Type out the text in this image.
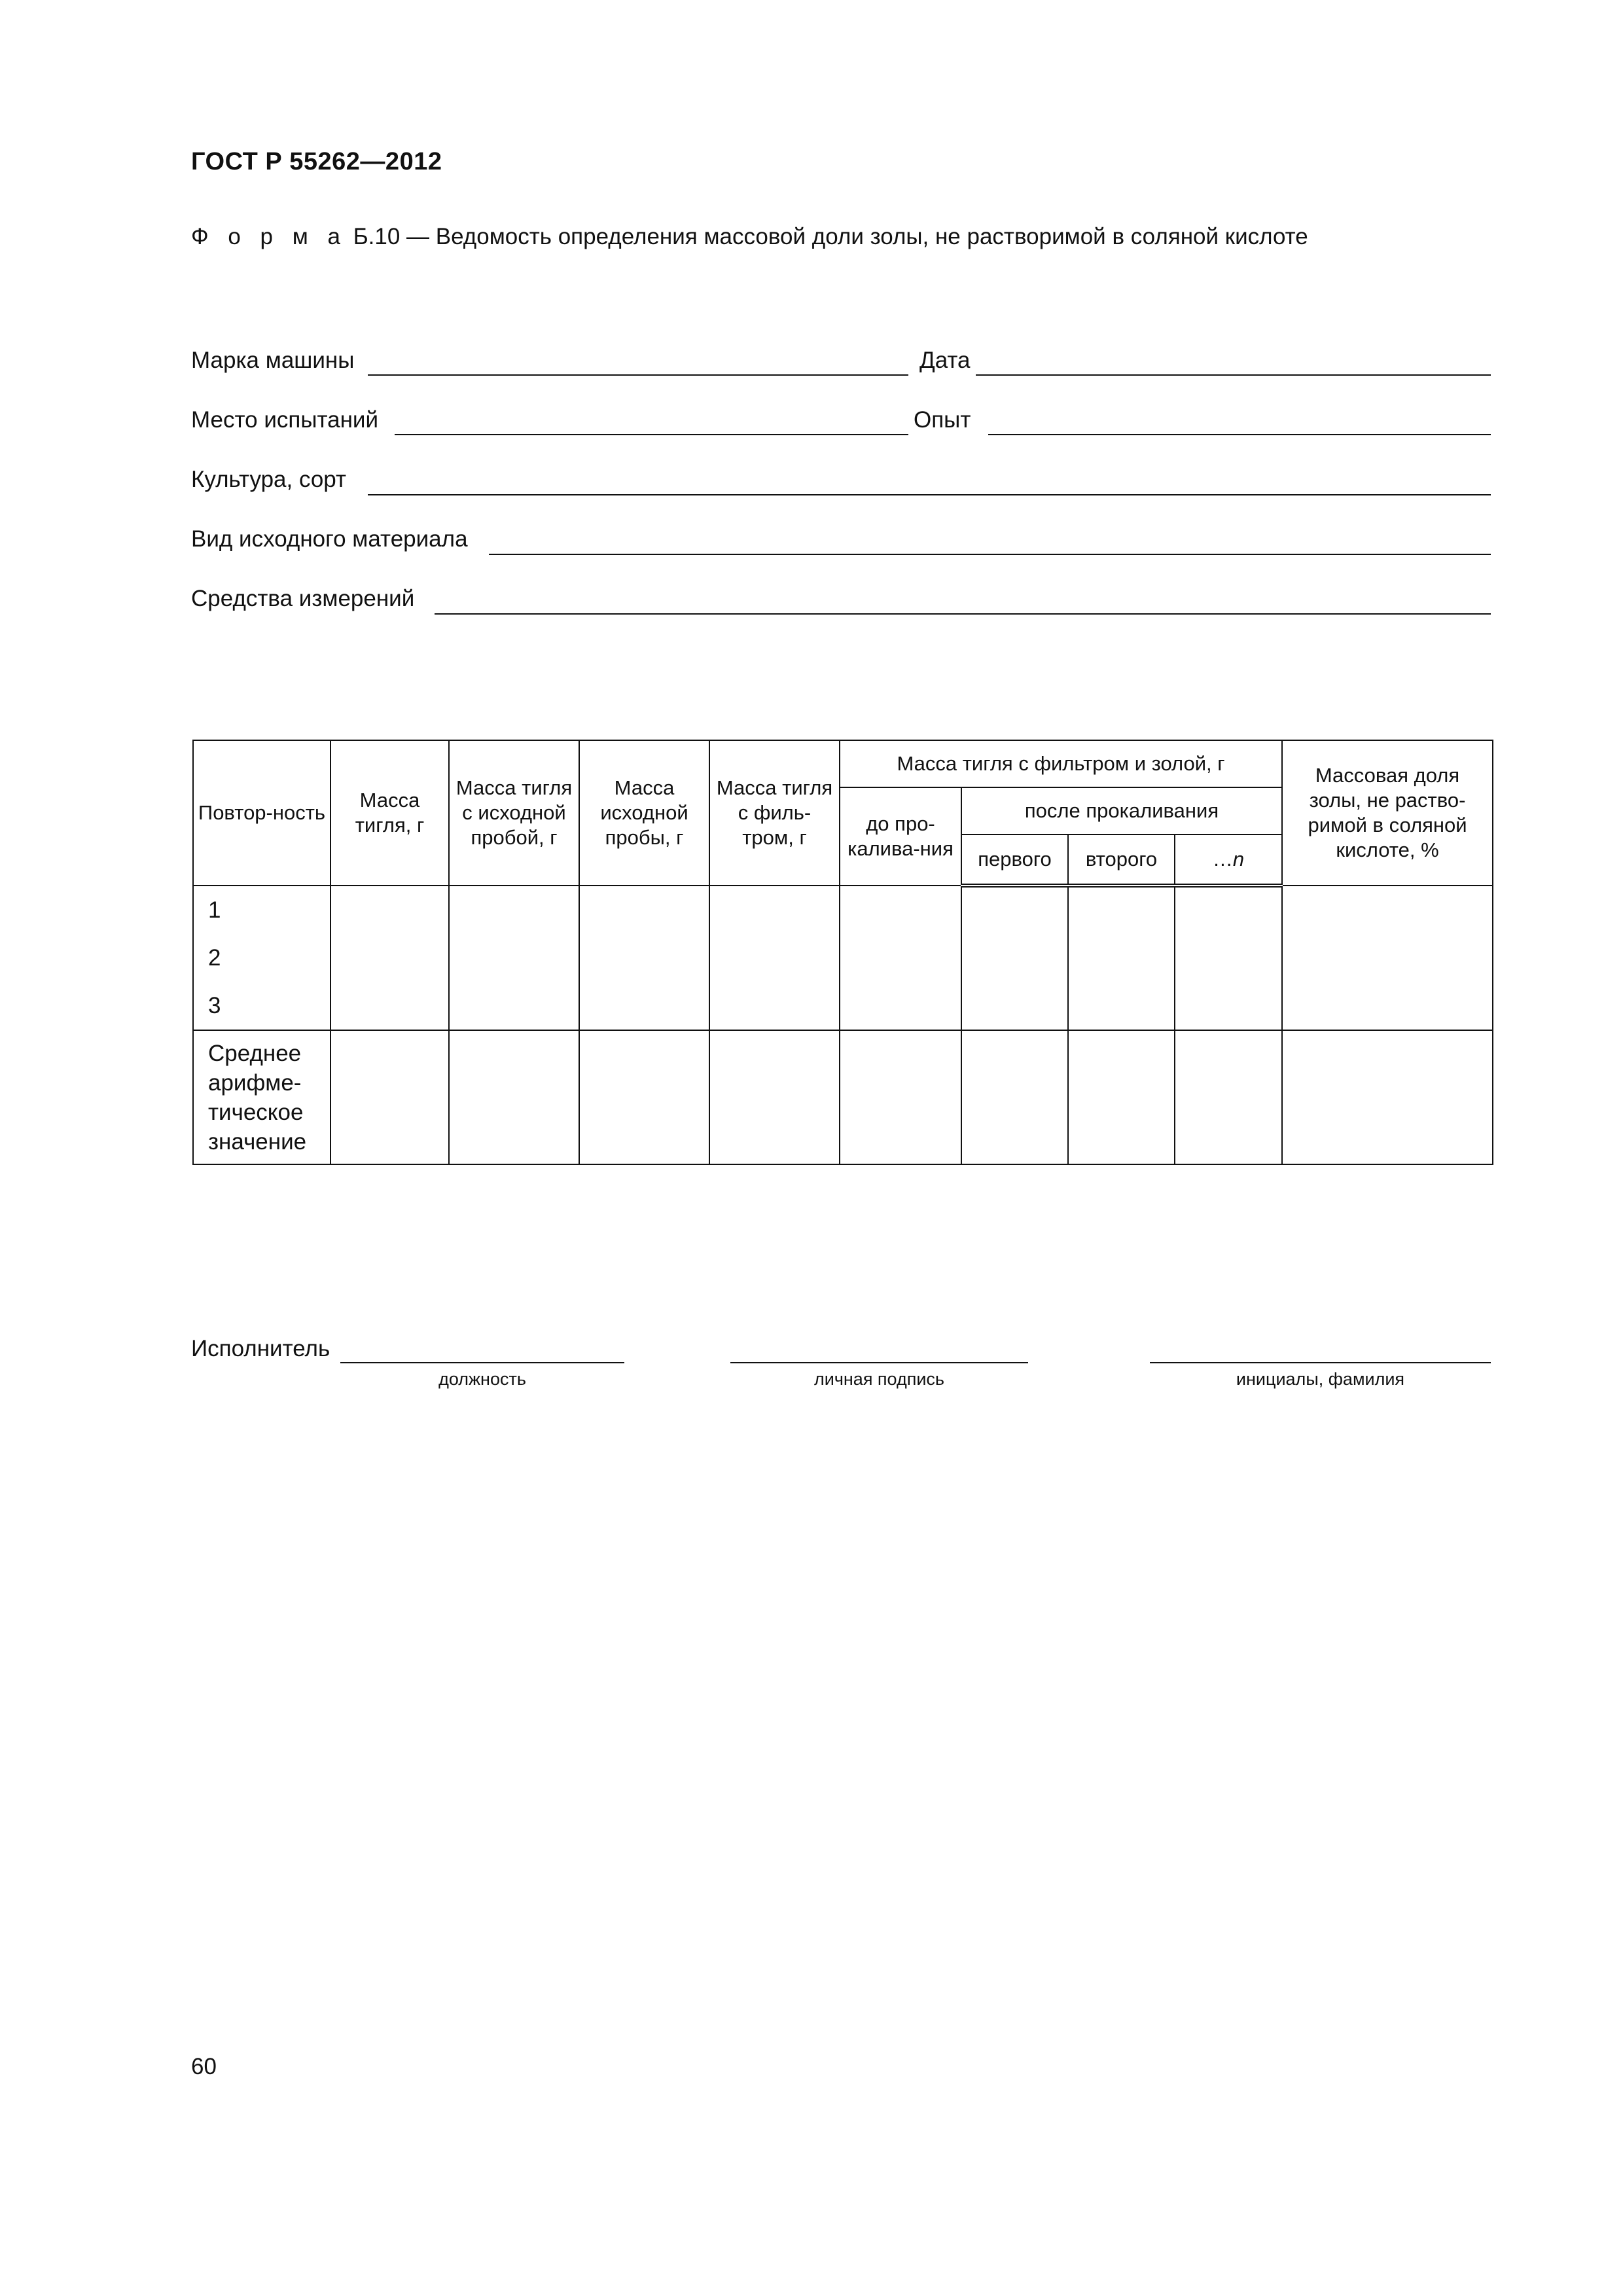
ГОСТ Р 55262—2012
Ф о р м а Б.10 — Ведомость определения массовой доли золы, не растворимой в соляной кислоте
Марка машины	Дата
Место испытаний	Опыт
Культура, сорт
Вид исходного материала
Средства измерений
Повтор-ность	Масса тигля, г	Масса тигля с исходной пробой, г	Масса исходной пробы, г	Масса тигля с филь-тром, г	Масса тигля с фильтром и золой, г				Массовая доля золы, не раство-римой в соляной кислоте, %
					до про-калива-ния	после прокаливания			
						первого	второго	…n	

1
2
3									

Среднее арифме-тическое значение									
Исполнитель
должность	личная подпись	инициалы, фамилия
60
